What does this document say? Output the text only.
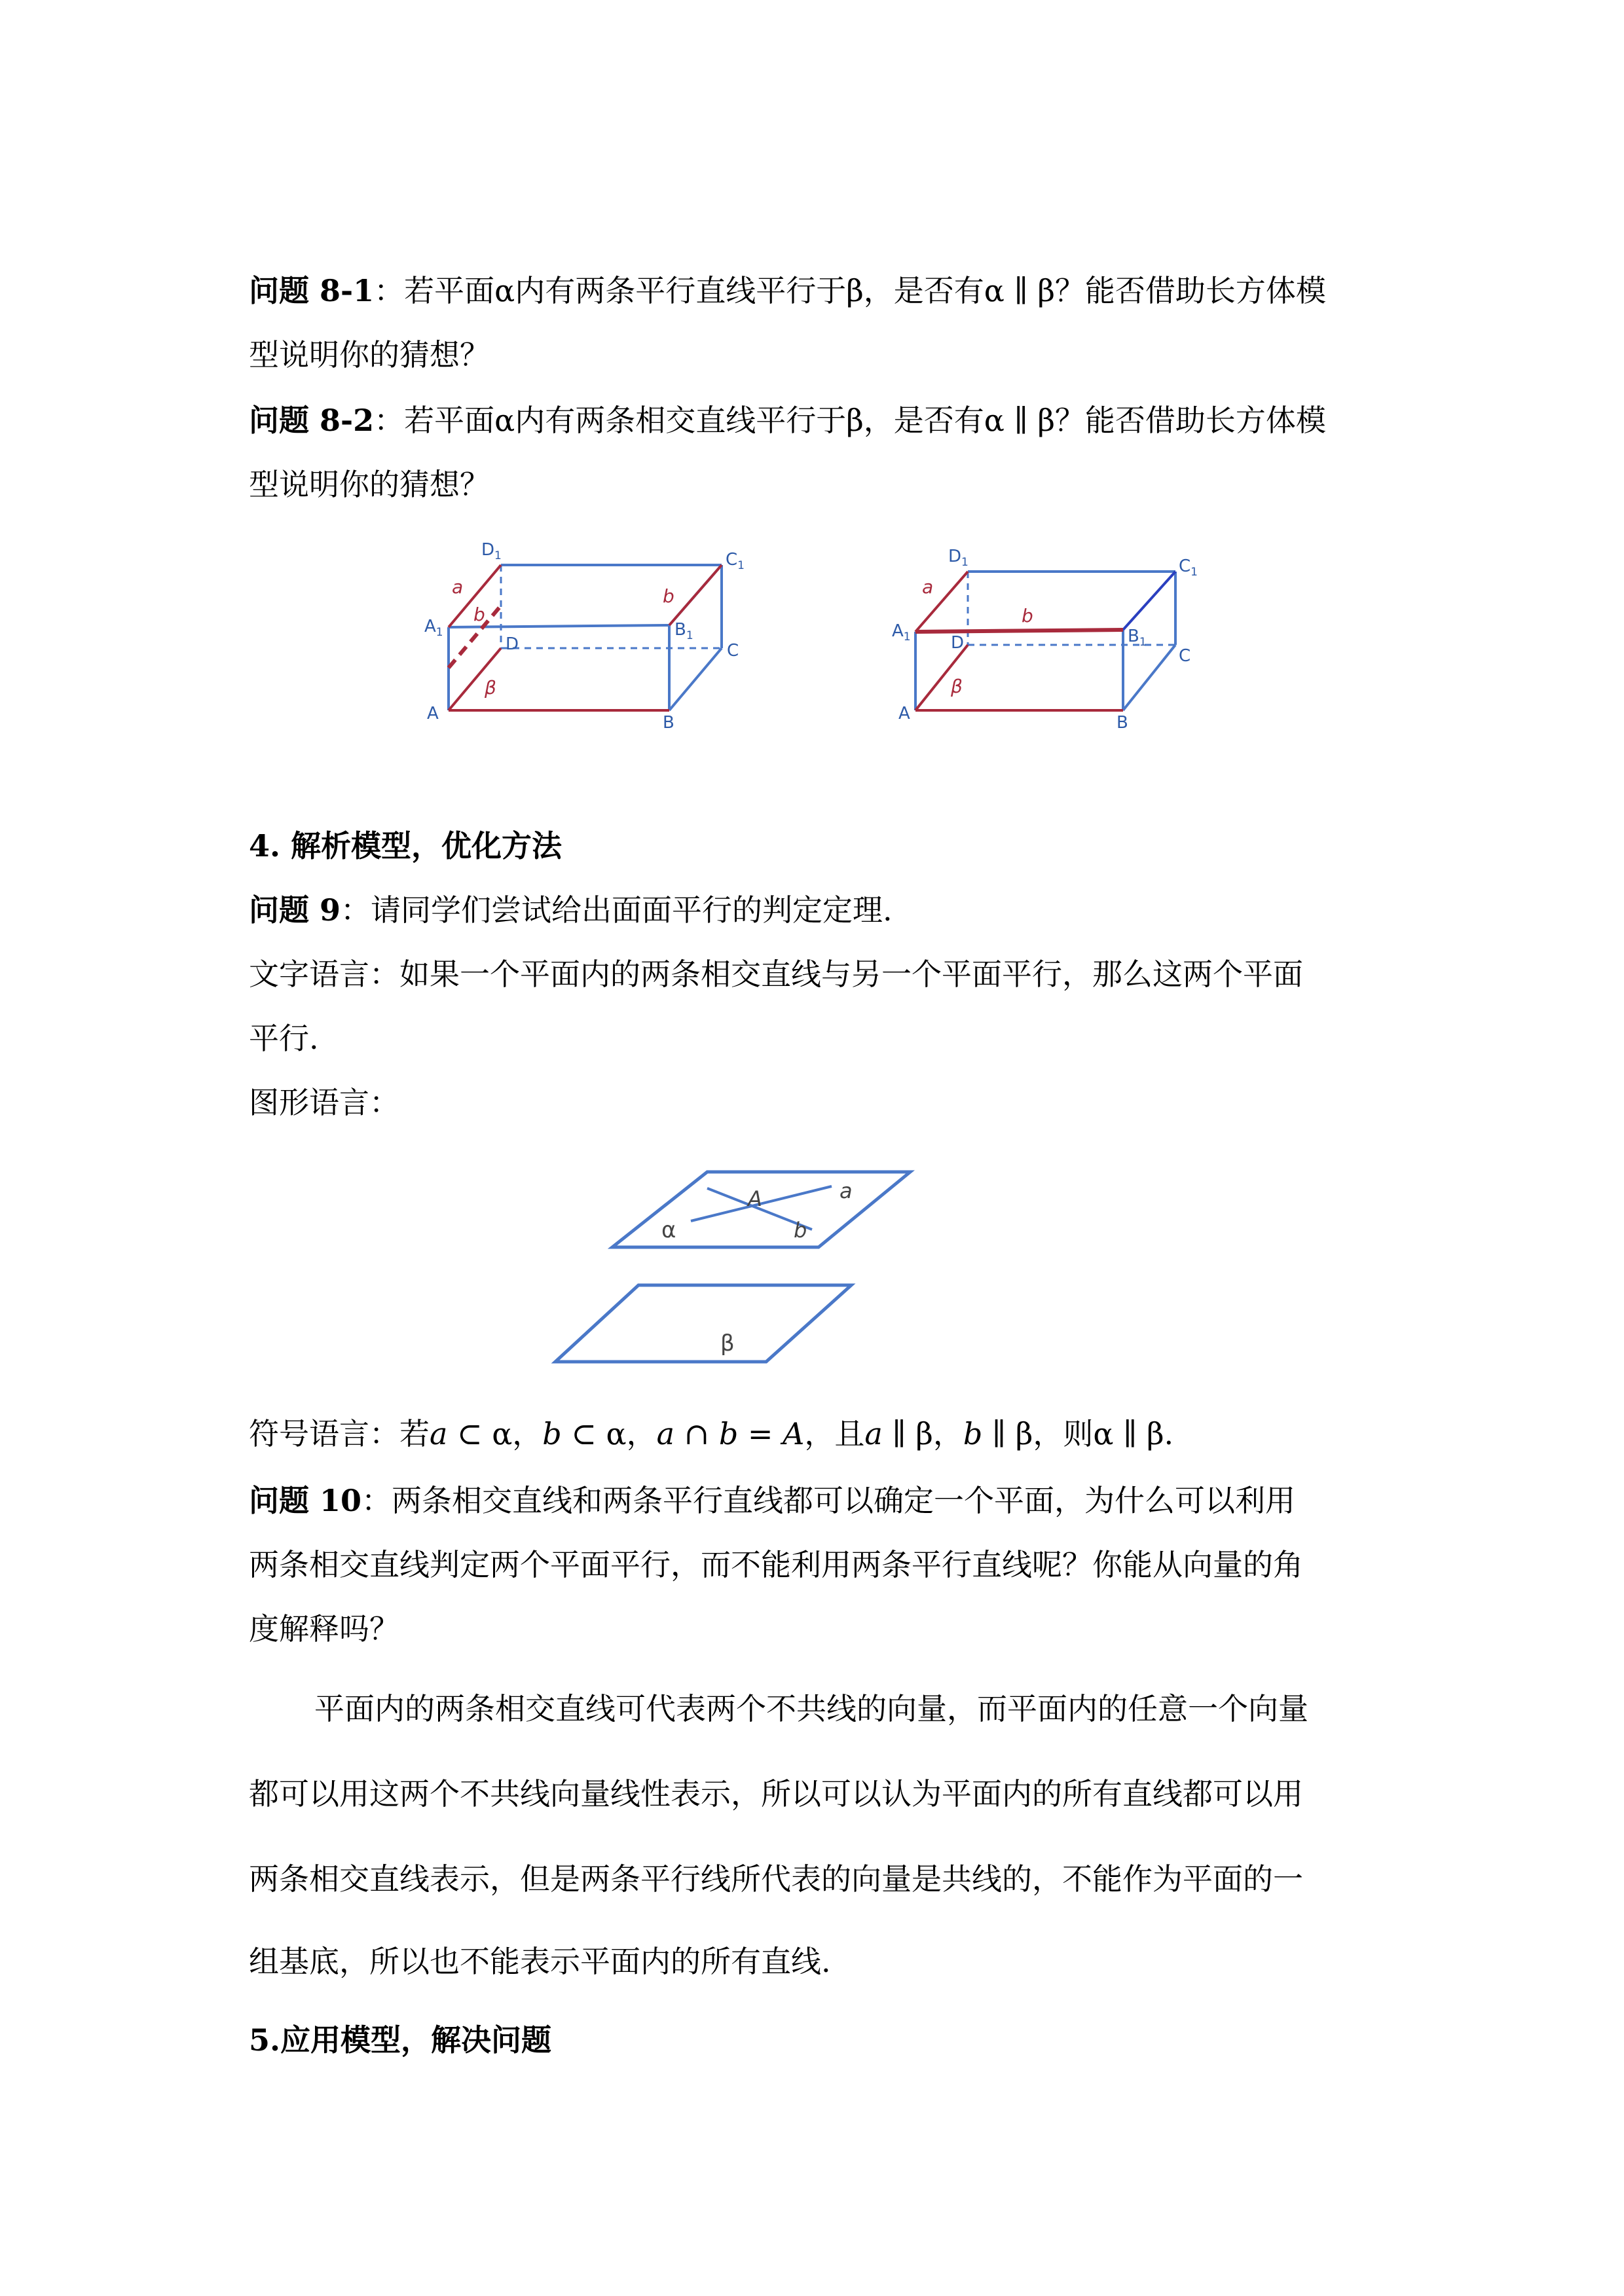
问题 8-1：若平面α内有两条平行直线平行于β，是否有α ∥ β？能否借助长方体模
型说明你的猜想？
问题 8-2：若平面α内有两条相交直线平行于β，是否有α ∥ β？能否借助长方体模
型说明你的猜想？
$D_1$	$C_1$
$A_1$	$B_1$
D	C
A	B
a	b
b
β
$D_1$	$C_1$
$A_1$	$B_1$
D
C
A	B
a
b
β
4. 解析模型，优化方法
问题 9：请同学们尝试给出面面平行的判定定理.
文字语言：如果一个平面内的两条相交直线与另一个平面平行，那么这两个平面
平行.
图形语言：
A	a
b
α
β
符号语言：若a ⊂ α，b ⊂ α，a ∩ b = A，且a ∥ β，b ∥ β，则α ∥ β.
问题 10：两条相交直线和两条平行直线都可以确定一个平面，为什么可以利用
两条相交直线判定两个平面平行，而不能利用两条平行直线呢？你能从向量的角
度解释吗？
平面内的两条相交直线可代表两个不共线的向量，而平面内的任意一个向量
都可以用这两个不共线向量线性表示，所以可以认为平面内的所有直线都可以用
两条相交直线表示，但是两条平行线所代表的向量是共线的，不能作为平面的一
组基底，所以也不能表示平面内的所有直线.
5.应用模型，解决问题
